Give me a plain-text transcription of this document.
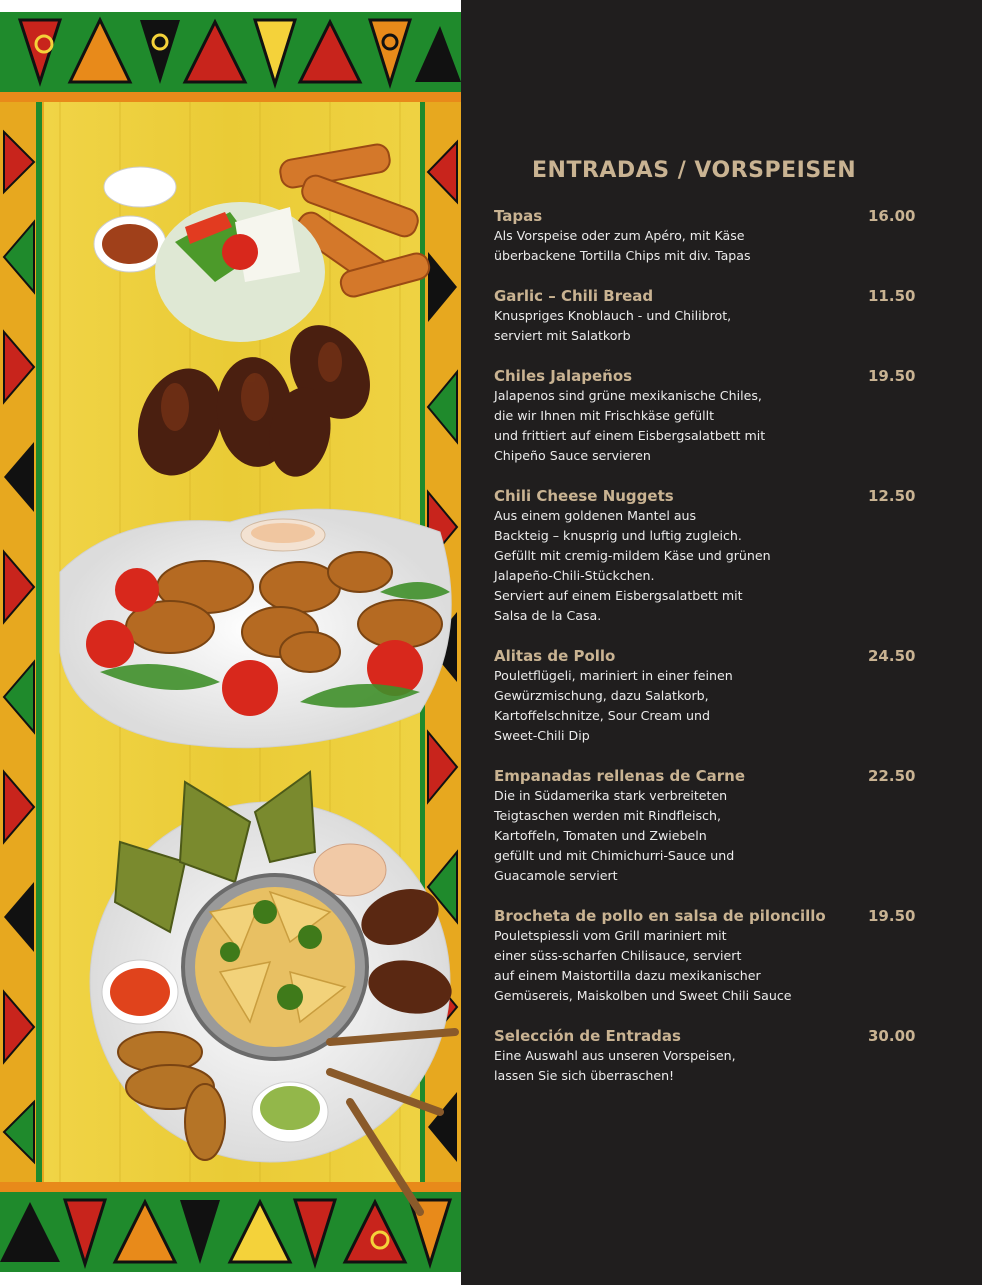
ENTRADAS / VORSPEISEN
Tapas	16.00
Als Vorspeise oder zum Apéro, mit Käse
überbackene Tortilla Chips mit div. Tapas
Garlic – Chili Bread	11.50
Knuspriges Knoblauch - und Chilibrot,
serviert mit Salatkorb
Chiles Jalapeños	19.50
Jalapenos sind grüne mexikanische Chiles,
die wir Ihnen mit Frischkäse gefüllt
und frittiert auf einem Eisbergsalatbett mit
Chipeño Sauce servieren
Chili Cheese Nuggets	12.50
Aus einem goldenen Mantel aus
Backteig – knusprig und luftig zugleich.
Gefüllt mit cremig-mildem Käse und grünen
Jalapeño-Chili-Stückchen.
Serviert auf einem Eisbergsalatbett mit
Salsa de la Casa.
Alitas de Pollo	24.50
Pouletflügeli, mariniert in einer feinen
Gewürzmischung, dazu Salatkorb,
Kartoffelschnitze, Sour Cream und
Sweet-Chili Dip
Empanadas rellenas de Carne	22.50
Die in Südamerika stark verbreiteten
Teigtaschen werden mit Rindfleisch,
Kartoffeln, Tomaten und Zwiebeln
gefüllt und mit Chimichurri-Sauce und
Guacamole serviert
Brocheta de pollo en salsa de piloncillo	19.50
Pouletspiessli vom Grill mariniert mit
einer süss-scharfen Chilisauce, serviert
auf einem Maistortilla dazu mexikanischer
Gemüsereis, Maiskolben und Sweet Chili Sauce
Selección de Entradas	30.00
Eine Auswahl aus unseren Vorspeisen,
lassen Sie sich überraschen!
